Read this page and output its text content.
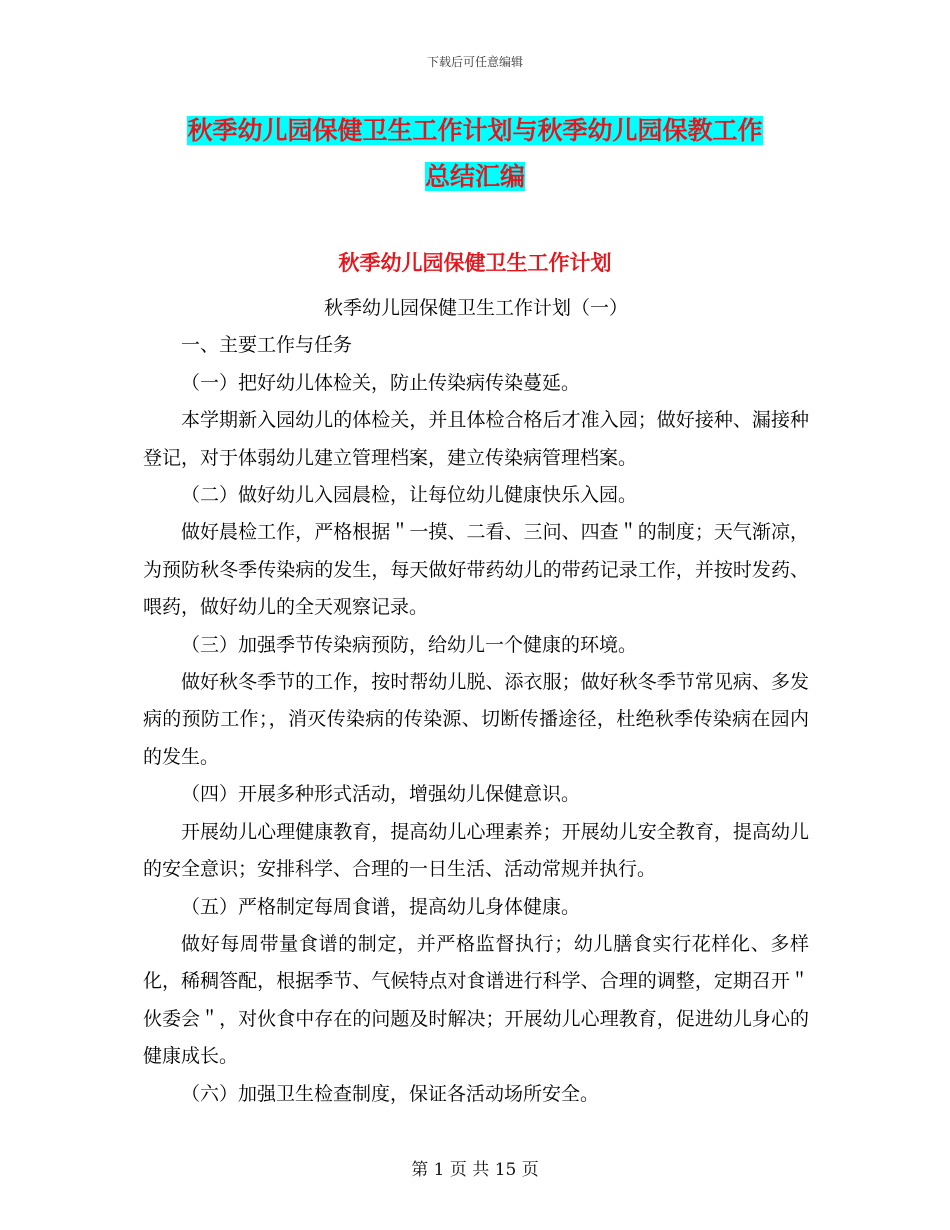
下载后可任意编辑
秋季幼儿园保健卫生工作计划与秋季幼儿园保教工作
总结汇编
秋季幼儿园保健卫生工作计划

秋季幼儿园保健卫生工作计划（一）

一、主要工作与任务

（一）把好幼儿体检关，防止传染病传染蔓延。

本学期新入园幼儿的体检关，并且体检合格后才准入园；做好接种、漏接种登记，对于体弱幼儿建立管理档案，建立传染病管理档案。

（二）做好幼儿入园晨检，让每位幼儿健康快乐入园。

做好晨检工作，严格根据＂一摸、二看、三问、四查＂的制度；天气渐凉，为预防秋冬季传染病的发生，每天做好带药幼儿的带药记录工作，并按时发药、喂药，做好幼儿的全天观察记录。

（三）加强季节传染病预防，给幼儿一个健康的环境。

做好秋冬季节的工作，按时帮幼儿脱、添衣服；做好秋冬季节常见病、多发病的预防工作；，消灭传染病的传染源、切断传播途径，杜绝秋季传染病在园内的发生。

（四）开展多种形式活动，增强幼儿保健意识。

开展幼儿心理健康教育，提高幼儿心理素养；开展幼儿安全教育，提高幼儿的安全意识；安排科学、合理的一日生活、活动常规并执行。

（五）严格制定每周食谱，提高幼儿身体健康。

做好每周带量食谱的制定，并严格监督执行；幼儿膳食实行花样化、多样化，稀稠答配，根据季节、气候特点对食谱进行科学、合理的调整，定期召开＂伙委会＂，对伙食中存在的问题及时解决；开展幼儿心理教育，促进幼儿身心的健康成长。

（六）加强卫生检查制度，保证各活动场所安全。

第 1 页 共 15 页
